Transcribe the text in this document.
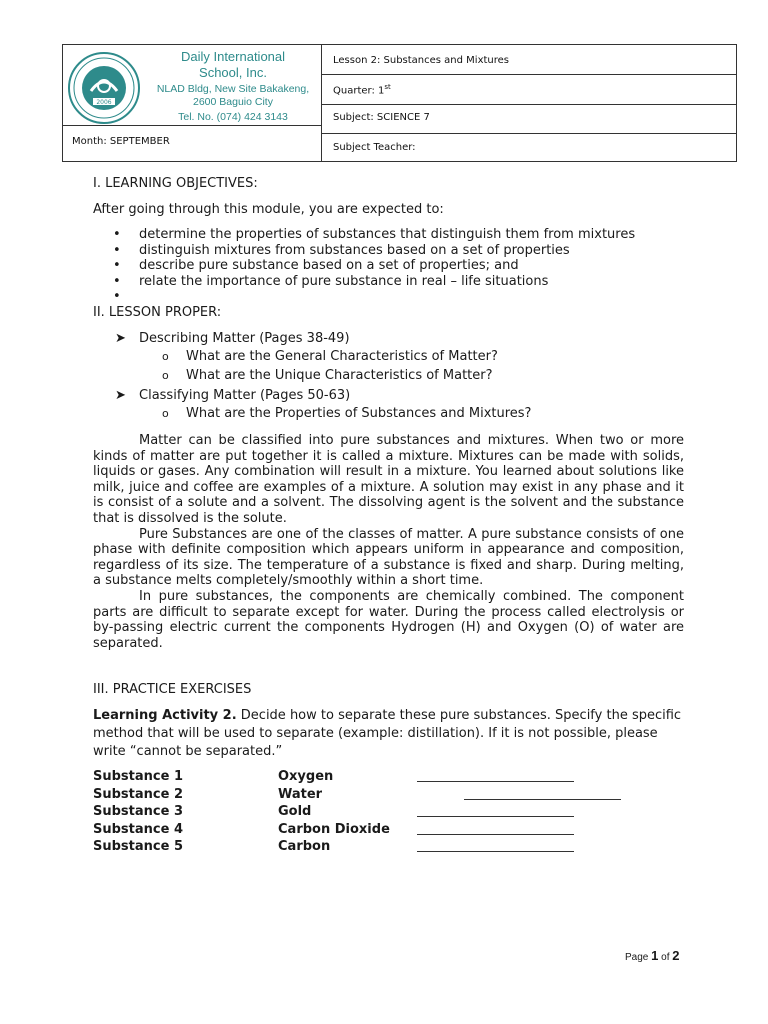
2006
Daily International
School, Inc.
NLAD Bldg, New Site Bakakeng,
2600 Baguio City
Tel. No. (074) 424 3143
Month: SEPTEMBER
Lesson 2: Substances and Mixtures
Quarter: 1st
Subject: SCIENCE 7
Subject Teacher:
I. LEARNING OBJECTIVES:
After going through this module, you are expected to:
• determine the properties of substances that distinguish them from mixtures
• distinguish mixtures from substances based on a set of properties
• describe pure substance based on a set of properties; and
• relate the importance of pure substance in real – life situations
•
II. LESSON PROPER:
➤ Describing Matter (Pages 38-49)
o What are the General Characteristics of Matter?
o What are the Unique Characteristics of Matter?
➤ Classifying Matter (Pages 50-63)
o What are the Properties of Substances and Mixtures?

Matter can be classified into pure substances and mixtures. When two or more kinds of matter are put together it is called a mixture. Mixtures can be made with solids, liquids or gases. Any combination will result in a mixture. You learned about solutions like milk, juice and coffee are examples of a mixture. A solution may exist in any phase and it is consist of a solute and a solvent. The dissolving agent is the solvent and the substance that is dissolved is the solute.

Pure Substances are one of the classes of matter. A pure substance consists of one phase with definite composition which appears uniform in appearance and composition, regardless of its size. The temperature of a substance is fixed and sharp. During melting, a substance melts completely/smoothly within a short time.

In pure substances, the components are chemically combined. The component parts are difficult to separate except for water. During the process called electrolysis or by-passing electric current the components Hydrogen (H) and Oxygen (O) of water are separated.

III. PRACTICE EXERCISES
Learning Activity 2. Decide how to separate these pure substances. Specify the specific method that will be used to separate (example: distillation). If it is not possible, please write “cannot be separated.”
Substance 1	Oxygen	
Substance 2	Water	
Substance 3	Gold	
Substance 4	Carbon Dioxide	
Substance 5	Carbon	
Page 1 of 2
